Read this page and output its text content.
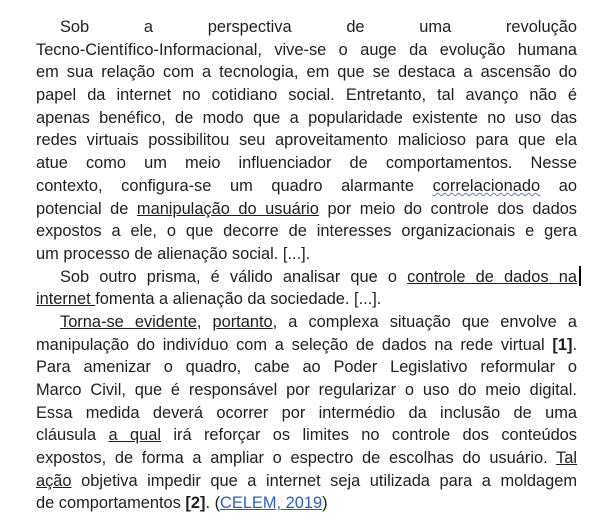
Sob a perspectiva de uma revolução
Tecno-Científico-Informacional, vive-se o auge da evolução humana
em sua relação com a tecnologia, em que se destaca a ascensão do
papel da internet no cotidiano social. Entretanto, tal avanço não é
apenas benéfico, de modo que a popularidade existente no uso das
redes virtuais possibilitou seu aproveitamento malicioso para que ela
atue como um meio influenciador de comportamentos. Nesse
contexto, configura-se um quadro alarmante correlacionado ao
potencial de manipulação do usuário por meio do controle dos dados
expostos a ele, o que decorre de interesses organizacionais e gera
um processo de alienação social. [...].
Sob outro prisma, é válido analisar que o controle de dados na
internet fomenta a alienação da sociedade. [...].
Torna-se evidente, portanto, a complexa situação que envolve a
manipulação do indivíduo com a seleção de dados na rede virtual [1].
Para amenizar o quadro, cabe ao Poder Legislativo reformular o
Marco Civil, que é responsável por regularizar o uso do meio digital.
Essa medida deverá ocorrer por intermédio da inclusão de uma
cláusula a qual irá reforçar os limites no controle dos conteúdos
expostos, de forma a ampliar o espectro de escolhas do usuário. Tal
ação objetiva impedir que a internet seja utilizada para a moldagem
de comportamentos [2]. (CELEM, 2019)
